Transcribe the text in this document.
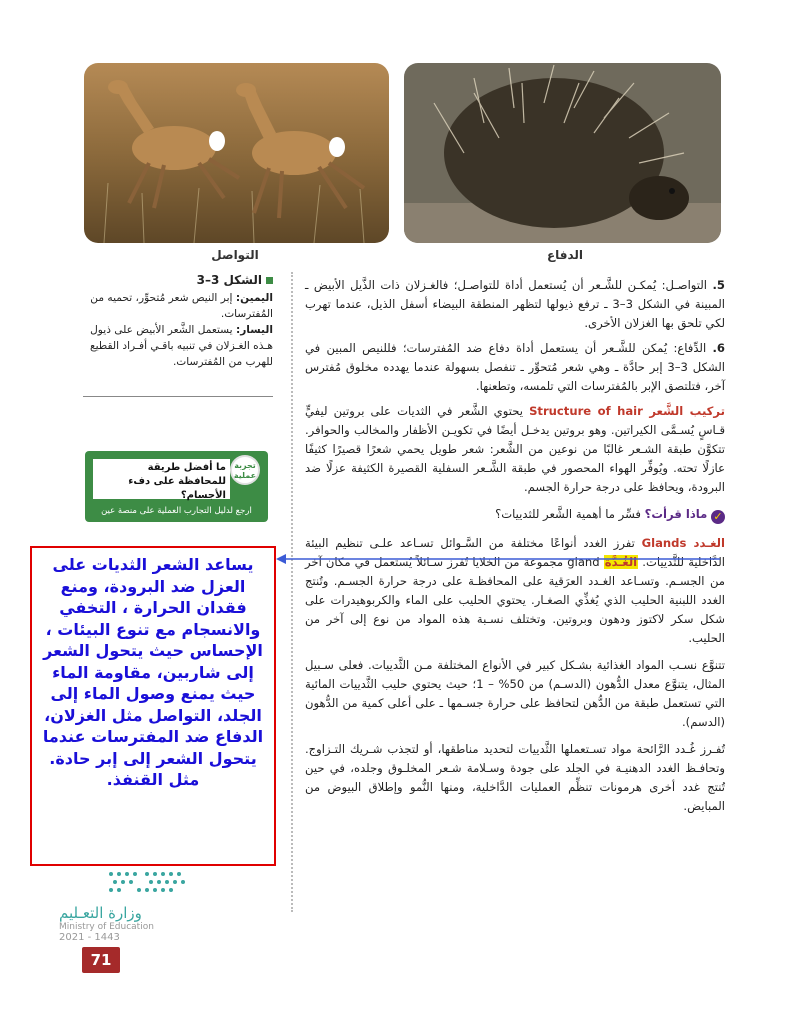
التواصل	الدفاع
الشكل 3–3
اليمين: إبر النيص شعر مُتحوِّر، تحميه من المُفترسات.
اليسار: يستعمل الشَّعر الأبيض على ذيول هـذه الغـزلان في تنبيه باقـي أفـراد القطيع للهرب من المُفترسات.
تجربة عملية
ما أفضل طريقة للمحافظة على دفء الأجسام؟
ارجع لدليل التجارب العملية على منصة عين

5. التواصـل: يُمكـن للشَّـعر أن يُستعمل أداة للتواصـل؛ فالغـزلان ذات الذَّيل الأبيض ـ المبينة في الشكل 3–3 ـ ترفع ذيولها لتظهر المنطقة البيضاء أسفل الذيل، عندما تهرب لكي تلحق بها الغزلان الأخرى.

6. الدِّفاع: يُمكن للشَّـعر أن يستعمل أداة دفاع ضد المُفترسات؛ فللنيص المبين في الشكل 3–3 إبر حادَّة ـ وهي شعر مُتحوِّر ـ تنفصل بسهولة عندما يهدده مخلوق مُفترس آخر، فتلتصق الإبر بالمُفترسات التي تلمسه، وتطعنها.

تركيب الشَّعر Structure of hair يحتوي الشَّعر في الثديات على بروتين ليفيٍّ قـاسٍ يُسـمَّى الكيراتين. وهو بروتين يدخـل أيضًا في تكويـن الأظفار والمخالب والحوافر. تتكوَّن طبقة الشـعر غالبًا من نوعين من الشَّعر: شعر طويل يحمي شعرًا قصيرًا كثيفًا عازلًا تحته. ويُوفِّر الهواء المحصور في طبقة الشَّـعر السفلية القصيرة الكثيفة عزلًا ضد البرودة، ويحافظ على درجة حرارة الجسم.

✓ ماذا قرأت؟ فسِّر ما أهمية الشَّعر للثدييات؟

الغـدد Glands تفرز الغدد أنواعًا مختلفة من السَّـوائل تسـاعد علـى تنظيم البيئة الدَّاخلية للثَّدييات. الغُـدَّة gland مجموعة من الخلايا تُفرز سـائلاً يُستعمل في مكان آخر من الجسـم. وتسـاعد الغـدد العرَقية على المحافظـة على درجة حرارة الجسـم. وتُنتج الغدد اللبنية الحليب الذي يُغذِّي الصغـار. يحتوي الحليب على الماء والكربوهيدرات على شكل سكر لاكتوز ودهون وبروتين. وتختلف نسـبة هذه المواد من نوع إلى آخر من الحليب.

تتنوَّع نسـب المواد الغذائية بشـكل كبير في الأنواع المختلفة مـن الثَّدييات. فعلى سـبيل المثال، يتنوَّع معدل الدُّهون (الدسـم) من 50% – 1؛ حيث يحتوي حليب الثَّدييات المائية التي تستعمل طبقة من الدُّهن لتحافظ على حرارة جسـمها ـ على أعلى كمية من الدُّهون (الدسم).

تُفـرز غُـدد الرَّائحة مواد تسـتعملها الثَّدييات لتحديد مناطقها، أو لتجذب شـريك التـزاوج. وتحافـظ الغدد الدهنيـة في الجلد على جودة وسـلامة شـعر المخلـوق وجلده، في حين تُنتج غدد أخرى هرمونات تنظِّم العمليات الدَّاخلية، ومنها النُّمو وإطلاق البيوض من المبايض.

يساعد الشعر الثديات على العزل ضد البرودة، ومنع فقدان الحرارة ، التخفي والانسجام مع تنوع البيئات ، الإحساس حيث يتحول الشعر إلى شاربين، مقاومة الماء حيث يمنع وصول الماء إلى الجلد، التواصل مثل الغزلان، الدفاع ضد المفترسات عندما يتحول الشعر إلى إبر حادة. مثل القنفذ.
وزارة التعـليم
Ministry of Education
2021 - 1443
71
